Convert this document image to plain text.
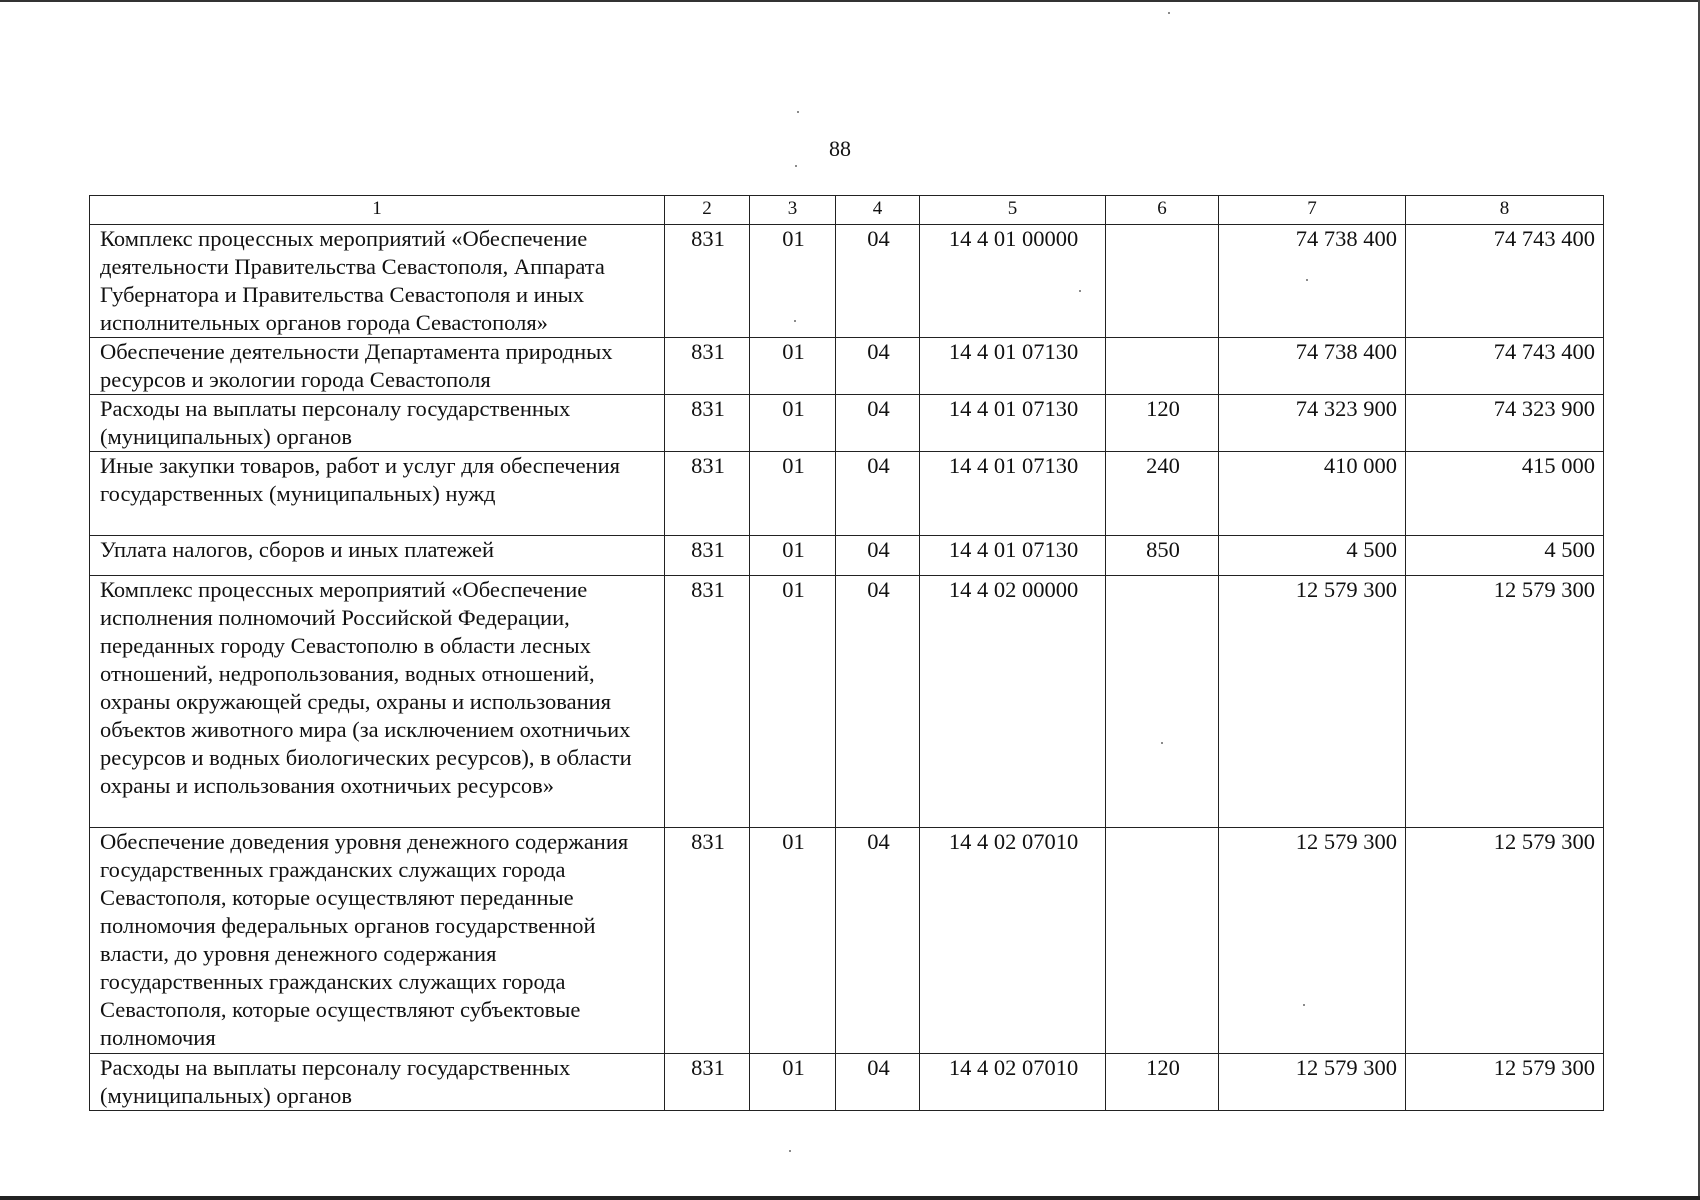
88
1	2	3	4	5	6	7	8
Комплекс процессных мероприятий «Обеспечение деятельности Правительства Севастополя, Аппарата Губернатора и Правительства Севастополя и иных исполнительных органов города Севастополя»	831	01	04	14 4 01 00000		74 738 400	74 743 400
Обеспечение деятельности Департамента природных ресурсов и экологии города Севастополя	831	01	04	14 4 01 07130		74 738 400	74 743 400
Расходы на выплаты персоналу государственных (муниципальных) органов	831	01	04	14 4 01 07130	120	74 323 900	74 323 900
Иные закупки товаров, работ и услуг для обеспечения государственных (муниципальных) нужд	831	01	04	14 4 01 07130	240	410 000	415 000
Уплата налогов, сборов и иных платежей	831	01	04	14 4 01 07130	850	4 500	4 500
Комплекс процессных мероприятий «Обеспечение исполнения полномочий Российской Федерации, переданных городу Севастополю в области лесных отношений, недропользования, водных отношений, охраны окружающей среды, охраны и использования объектов животного мира (за исключением охотничьих ресурсов и водных биологических ресурсов), в области охраны и использования охотничьих ресурсов»	831	01	04	14 4 02 00000		12 579 300	12 579 300
Обеспечение доведения уровня денежного содержания государственных гражданских служащих города Севастополя, которые осуществляют переданные полномочия федеральных органов государственной власти, до уровня денежного содержания государственных гражданских служащих города Севастополя, которые осуществляют субъектовые полномочия	831	01	04	14 4 02 07010		12 579 300	12 579 300
Расходы на выплаты персоналу государственных (муниципальных) органов	831	01	04	14 4 02 07010	120	12 579 300	12 579 300
